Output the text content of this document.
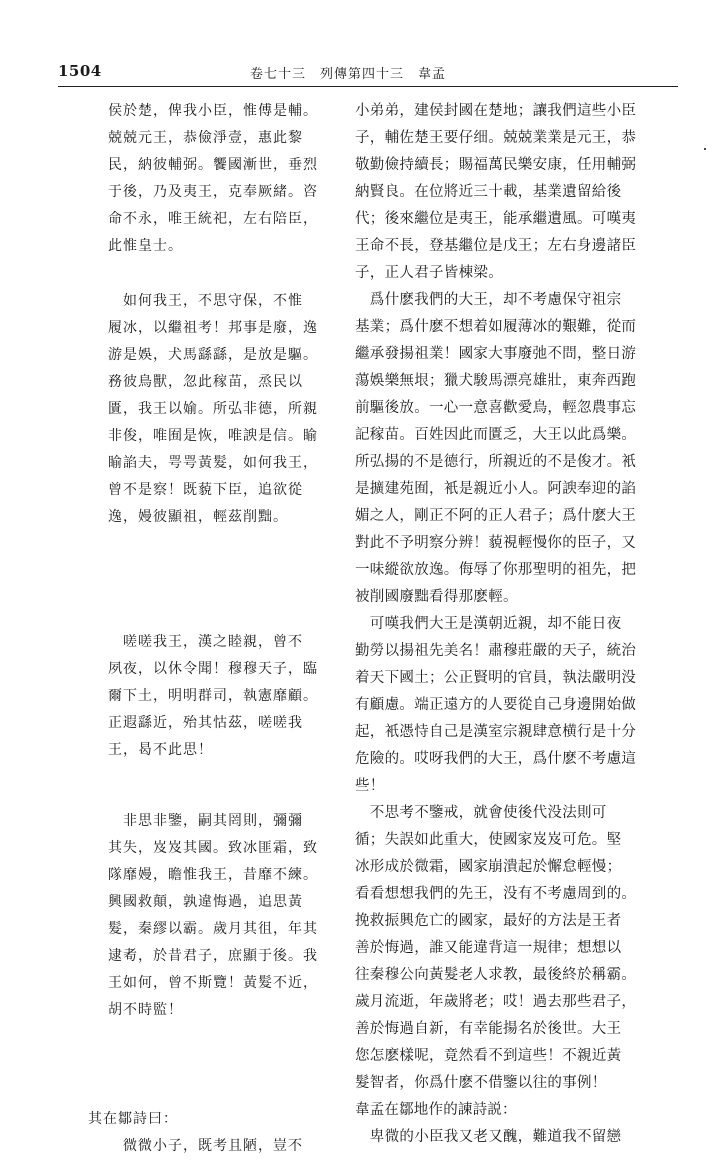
1504	卷七十三　列傳第四十三　韋孟

侯於楚，俾我小臣，惟傅是輔。
兢兢元王，恭儉淨壹，惠此黎
民，納彼輔弼。饗國漸世，垂烈
于後，乃及夷王，克奉厥緒。咨
命不永，唯王統祀，左右陪臣，
此惟皇士。

　如何我王，不思守保，不惟
履冰，以繼祖考！邦事是廢，逸
游是娛，犬馬繇繇，是放是驅。
務彼鳥獸，忽此稼苗，烝民以
匱，我王以媮。所弘非德，所親
非俊，唯囿是恢，唯諛是信。睮
睮諂夫，咢咢黃髮，如何我王，
曾不是察！既藐下臣，追欲從
逸，嫚彼顯祖，輕茲削黜。

　嗟嗟我王，漢之睦親，曾不
夙夜，以休令聞！穆穆天子，臨
爾下土，明明群司，執憲靡顧。
正遐繇近，殆其怙茲，嗟嗟我
王，曷不此思！

　非思非鑒，嗣其罔則，彌彌
其失，岌岌其國。致冰匪霜，致
隊靡嫚，瞻惟我王，昔靡不練。
興國救顛，孰違悔過，追思黃
髮，秦繆以霸。歲月其徂，年其
逮耇，於昔君子，庶顯于後。我
王如何，曾不斯覽！黃髮不近，
胡不時監！

其在鄒詩曰：

　微微小子，既考且陋，豈不

小弟弟，建侯封國在楚地；讓我們這些小臣
子，輔佐楚王要仔细。兢兢業業是元王，恭
敬勤儉持續長；賜福萬民樂安康，任用輔弼
納賢良。在位將近三十載，基業遺留給後
代；後來繼位是夷王，能承繼遺風。可嘆夷
王命不長，登基繼位是戊王；左右身邊諸臣
子，正人君子皆棟梁。

　爲什麽我們的大王，却不考慮保守祖宗
基業；爲什麽不想着如履薄冰的艱難，從而
繼承發揚祖業！國家大事廢弛不問，整日游
蕩娛樂無垠；獵犬駿馬漂亮雄壯，東奔西跑
前驅後放。一心一意喜歡愛鳥，輕忽農事忘
記稼苗。百姓因此而匱乏，大王以此爲樂。
所弘揚的不是德行，所親近的不是俊才。衹
是擴建苑囿，衹是親近小人。阿諛奉迎的諂
媚之人，剛正不阿的正人君子；爲什麽大王
對此不予明察分辨！藐視輕慢你的臣子，又
一味縱欲放逸。侮辱了你那聖明的祖先，把
被削國廢黜看得那麽輕。

　可嘆我們大王是漢朝近親，却不能日夜
勤勞以揚祖先美名！肅穆莊嚴的天子，統治
着天下國土；公正賢明的官員，執法嚴明没
有顧慮。端正遠方的人要從自己身邊開始做
起，衹憑恃自己是漢室宗親肆意横行是十分
危險的。哎呀我們的大王，爲什麽不考慮這
些！

　不思考不鑒戒，就會使後代没法則可
循；失誤如此重大，使國家岌岌可危。堅
冰形成於微霜，國家崩潰起於懈怠輕慢；
看看想想我們的先王，没有不考慮周到的。
挽救振興危亡的國家，最好的方法是王者
善於悔過，誰又能違背這一規律；想想以
往秦穆公向黃髮老人求教，最後終於稱霸。
歲月流逝，年歲將老；哎！過去那些君子，
善於悔過自新，有幸能揚名於後世。大王
您怎麽樣呢，竟然看不到這些！不親近黃
髮智者，你爲什麽不借鑒以往的事例！

韋孟在鄒地作的諫詩説：

　卑微的小臣我又老又醜，難道我不留戀
